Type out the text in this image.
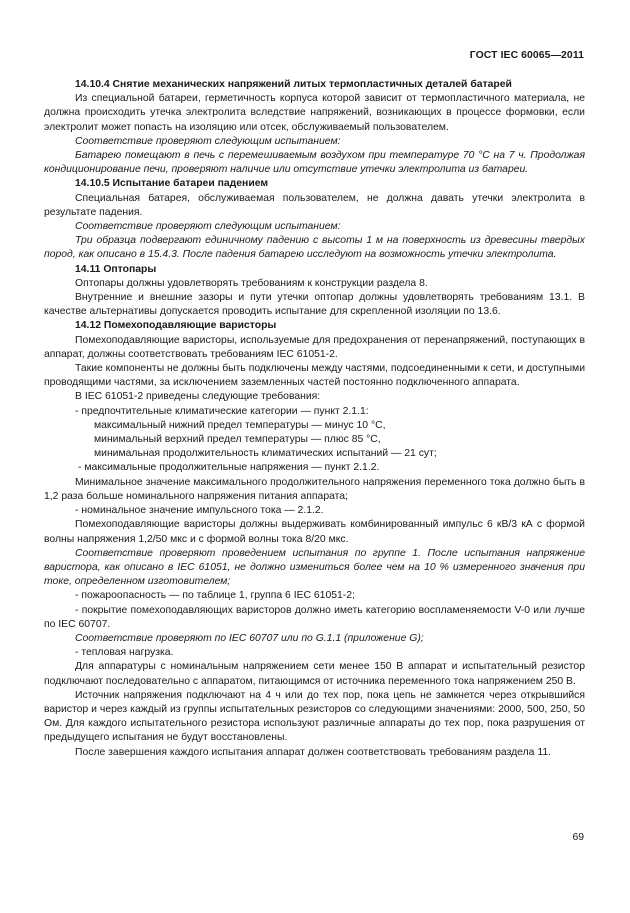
ГОСТ IEC 60065—2011

14.10.4 Снятие механических напряжений литых термопластичных деталей батарей

Из специальной батареи, герметичность корпуса которой зависит от термопластичного материала, не должна происходить утечка электролита вследствие напряжений, возникающих в процессе формовки, если электролит может попасть на изоляцию или отсек, обслуживаемый пользователем.

Соответствие проверяют следующим испытанием:

Батарею помещают в печь с перемешиваемым воздухом при температуре 70 °С на 7 ч. Продолжая кондиционирование печи, проверяют наличие или отсутствие утечки электролита из батареи.

14.10.5 Испытание батареи падением

Специальная батарея, обслуживаемая пользователем, не должна давать утечки электролита в результате падения.

Соответствие проверяют следующим испытанием:

Три образца подвергают единичному падению с высоты 1 м на поверхность из древесины твердых пород, как описано в 15.4.3. После падения батарею исследуют на возможность утечки электролита.

14.11 Оптопары

Оптопары должны удовлетворять требованиям к конструкции раздела 8.

Внутренние и внешние зазоры и пути утечки оптопар должны удовлетворять требованиям 13.1. В качестве альтернативы допускается проводить испытание для скрепленной изоляции по 13.6.

14.12 Помехоподавляющие варисторы

Помехоподавляющие варисторы, используемые для предохранения от перенапряжений, поступающих в аппарат, должны соответствовать требованиям IEC 61051-2.

Такие компоненты не должны быть подключены между частями, подсоединенными к сети, и доступными проводящими частями, за исключением заземленных частей постоянно подключенного аппарата.

В IEC 61051-2 приведены следующие требования:

- предпочтительные климатические категории — пункт 2.1.1:

максимальный нижний предел температуры — минус 10 °С,

минимальный верхний предел температуры — плюс 85 °С,

минимальная продолжительность климатических испытаний — 21 сут;

- максимальные продолжительные напряжения — пункт 2.1.2.

Минимальное значение максимального продолжительного напряжения переменного тока должно быть в 1,2 раза больше номинального напряжения питания аппарата;

- номинальное значение импульсного тока — 2.1.2.

Помехоподавляющие варисторы должны выдерживать комбинированный импульс 6 кВ/3 кА с формой волны напряжения 1,2/50 мкс и с формой волны тока 8/20 мкс.

Соответствие проверяют проведением испытания по группе 1. После испытания напряжение варистора, как описано в IEC 61051, не должно измениться более чем на 10 % измеренного значения при токе, определенном изготовителем;

- пожароопасность — по таблице 1, группа 6 IEC 61051-2;

- покрытие помехоподавляющих варисторов должно иметь категорию воспламеняемости V-0 или лучше по IEC 60707.

Соответствие проверяют по IEC 60707 или по G.1.1 (приложение G);

- тепловая нагрузка.

Для аппаратуры с номинальным напряжением сети менее 150 В аппарат и испытательный резистор подключают последовательно с аппаратом, питающимся от источника переменного тока напряжением 250 В.

Источник напряжения подключают на 4 ч или до тех пор, пока цепь не замкнется через открывшийся варистор и через каждый из группы испытательных резисторов со следующими значениями: 2000, 500, 250, 50 Ом. Для каждого испытательного резистора используют различные аппараты до тех пор, пока разрушения от предыдущего испытания не будут восстановлены.

После завершения каждого испытания аппарат должен соответствовать требованиям раздела 11.

69
